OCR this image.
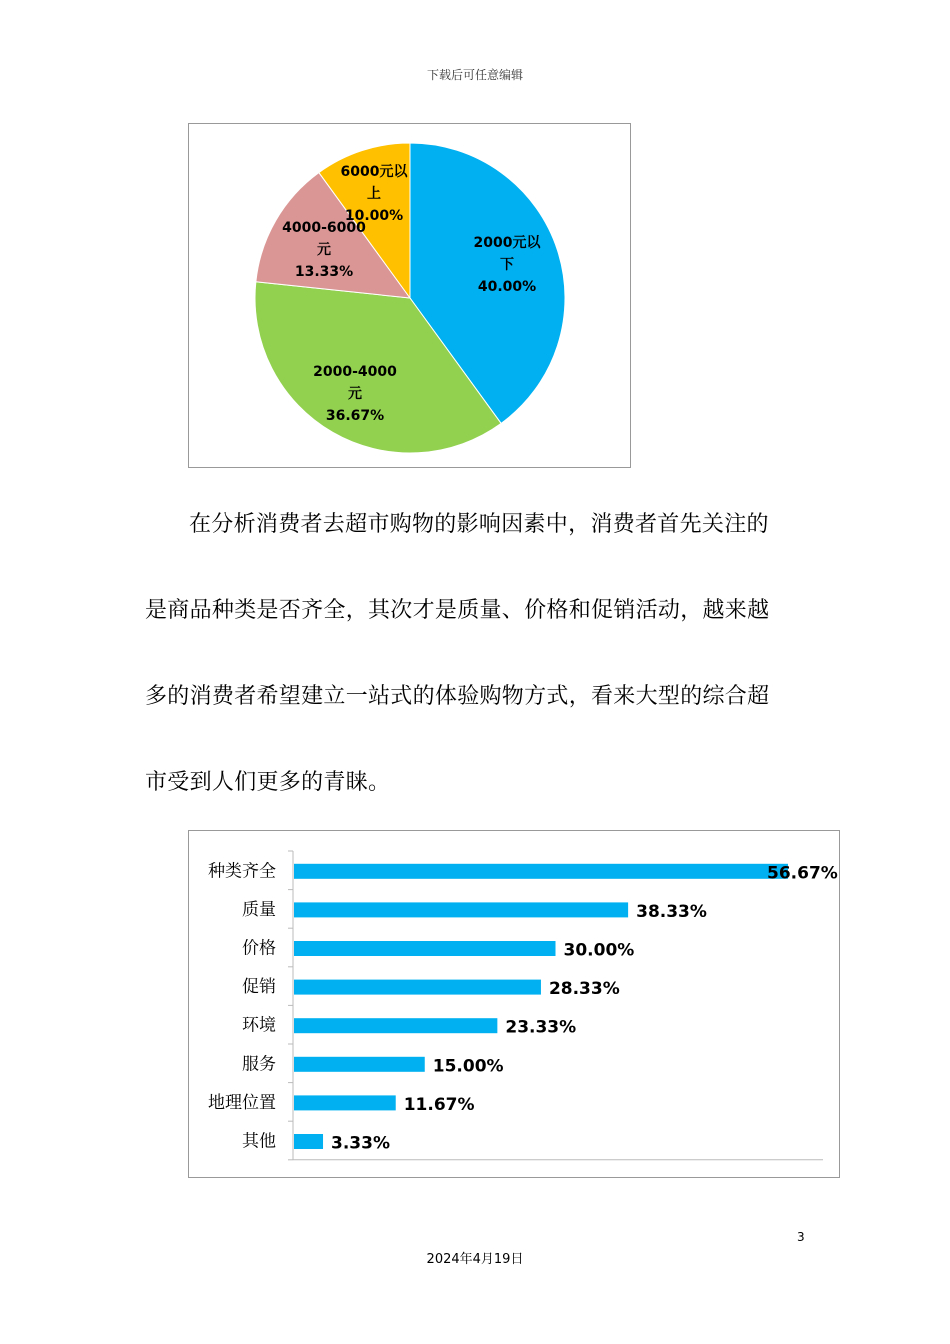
下载后可任意编辑
2000元以
下
40.00%
2000-4000
元
36.67%
4000-6000
元
13.33%
6000元以
上
10.00%

在分析消费者去超市购物的影响因素中，消费者首先关注的

是商品种类是否齐全，其次才是质量、价格和促销活动，越来越

多的消费者希望建立一站式的体验购物方式，看来大型的综合超

市受到人们更多的青睐。

种类齐全	56.67%
质量	38.33%
价格	30.00%
促销	28.33%
环境	23.33%
服务	15.00%
地理位置	11.67%
其他	3.33%
3
2024年4月19日
